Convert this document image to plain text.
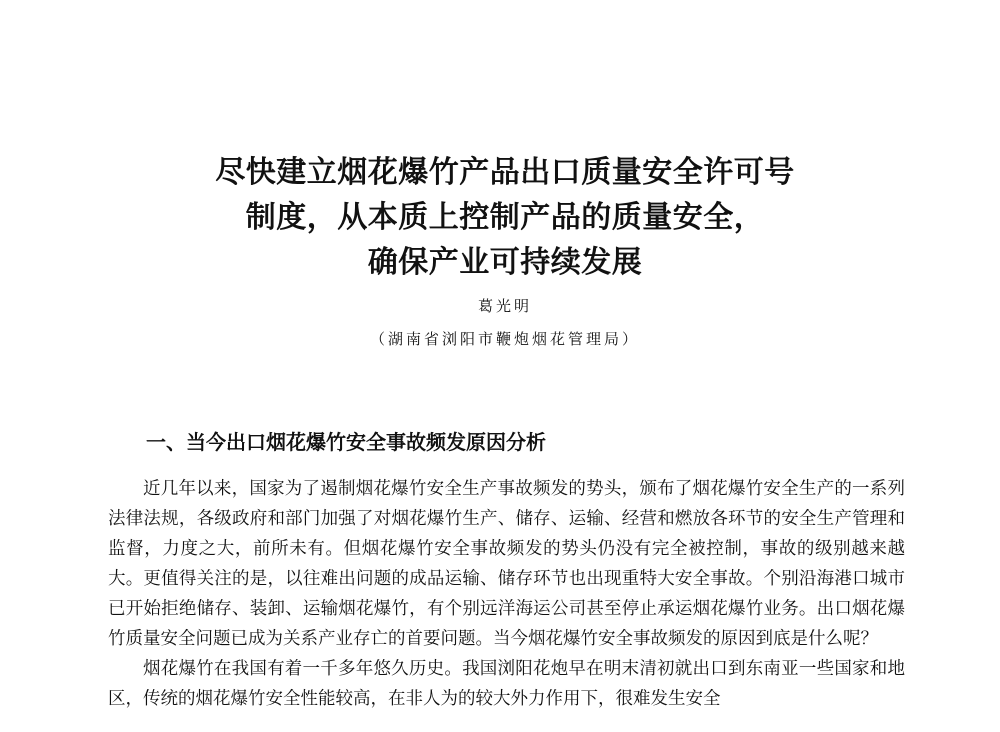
尽快建立烟花爆竹产品出口质量安全许可号
制度，从本质上控制产品的质量安全，
确保产业可持续发展
葛光明
（湖南省浏阳市鞭炮烟花管理局）
一、当今出口烟花爆竹安全事故频发原因分析

近几年以来，国家为了遏制烟花爆竹安全生产事故频发的势头，颁布了烟花爆竹安全生产的一系列法律法规，各级政府和部门加强了对烟花爆竹生产、储存、运输、经营和燃放各环节的安全生产管理和监督，力度之大，前所未有。但烟花爆竹安全事故频发的势头仍没有完全被控制，事故的级别越来越大。更值得关注的是，以往难出问题的成品运输、储存环节也出现重特大安全事故。个别沿海港口城市已开始拒绝储存、装卸、运输烟花爆竹，有个别远洋海运公司甚至停止承运烟花爆竹业务。出口烟花爆竹质量安全问题已成为关系产业存亡的首要问题。当今烟花爆竹安全事故频发的原因到底是什么呢？

烟花爆竹在我国有着一千多年悠久历史。我国浏阳花炮早在明末清初就出口到东南亚一些国家和地区，传统的烟花爆竹安全性能较高，在非人为的较大外力作用下，很难发生安全
